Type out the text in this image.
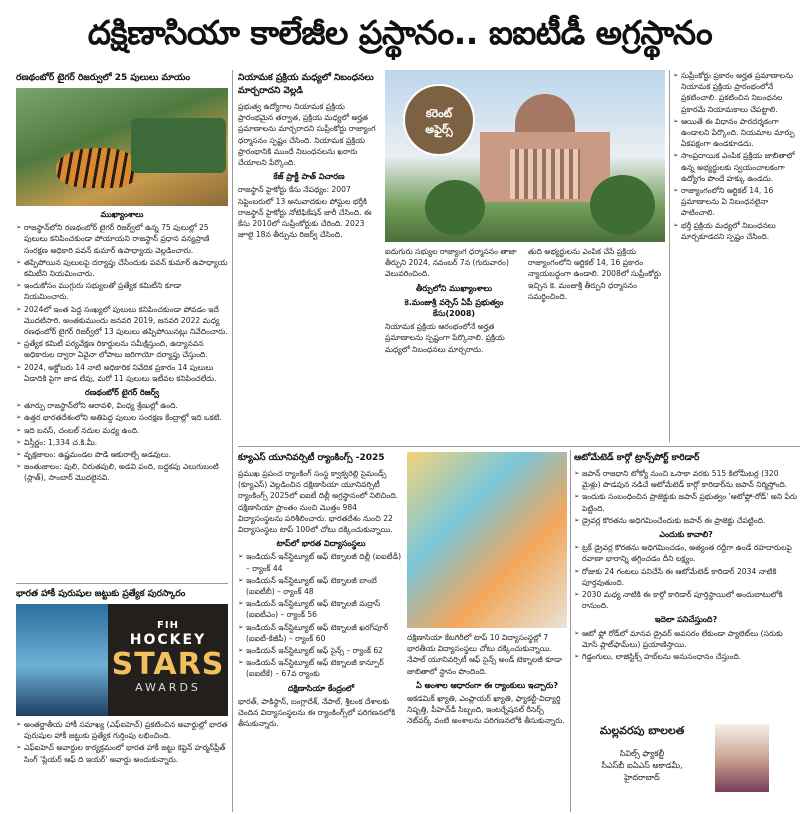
దక్షిణాసియా కాలేజీల ప్రస్థానం.. ఐఐటీడీ అగ్రస్థానం
రణథంబోర్ టైగర్ రిజర్వులో 25 పులులు మాయం
ముఖ్యాంశాలు
➢ రాజస్థాన్‌లోని రణథంబోర్ టైగర్ రిజర్వ్‌లో ఉన్న 75 పులుల్లో 25 పులులు కనిపించకుండా పోయాయని రాజస్థాన్ ప్రధాన వన్యప్రాణి సంరక్షణ అధికారి పవన్ కుమార్ ఉపాధ్యాయ వెల్లడించారు.
➢ తప్పిపోయిన పులులపై దర్యాప్తు చేసేందుకు పవన్ కుమార్ ఉపాధ్యాయ కమిటీని నియమించారు.
➢ ఇందుకోసం ముగ్గురు సభ్యులతో ప్రత్యేక కమిటీని కూడా నియమించారు.
➢ 2024లో ఇంత పెద్ద సంఖ్యలో పులులు కనిపించకుండా పోవడం ఇదే మొదటిసారి. అంతకుముందు జనవరి 2019, జనవరి 2022 మధ్య రణథంబోర్ టైగర్ రిజర్వ్‌లో 13 పులులు తప్పిపోయినట్లు నివేదించారు.
➢ ప్రత్యేక కమిటీ పర్యవేక్షణ రికార్డులను సమీక్షిస్తుంది, ఉద్యానవన అధికారుల ద్వారా ఏవైనా లోపాలు జరిగాయో దర్యాప్తు చేస్తుంది.
➢ 2024, అక్టోబరు 14 నాటి అధికారిక నివేదిక ప్రకారం 14 పులులు ఏడాదికి పైగా జాడ లేవు, మరో 11 పులులు ఇటీవల కనిపించలేదు.
రణథంబోర్ టైగర్ రిజర్వ్
➢ తూర్పు రాజస్థాన్‌లోని ఆరావళి, వింధ్య శ్రేణుల్లో ఉంది.
➢ ఉత్తర భారతదేశంలోని అతిపెద్ద పులుల సంరక్షణ కేంద్రాల్లో ఇది ఒకటి.
➢ ఇది బనస్, చంబల్ నదుల మధ్య ఉంది.
➢ విస్తీర్ణం: 1,334 చ.కి.మీ.
➢ వృక్షజాలం: ఉష్ణమండల పొడి ఆకురాల్చే అడవులు.
➢ జంతుజాలం: పులి, చిరుతపులి, అడవి పంది, బద్దకపు ఎలుగుబంటి (స్లాత్), సాంబార్ మొదలైనవి.
భారత హాకీ పురుషుల జట్టుకు ప్రత్యేక పురస్కారం
FIH
HOCKEY
STARS
AWARDS
➢ అంతర్జాతీయ హాకీ సమాఖ్య (ఎఫ్ఐహెచ్) ప్రకటించిన అవార్డుల్లో భారత పురుషుల హాకీ జట్టుకు ప్రత్యేక గుర్తింపు లభించింది.
➢ ఎఫ్ఐహెచ్ అవార్డుల కార్యక్రమంలో భారత హాకీ జట్టు కెప్టెన్ హర్మన్‌ప్రీత్ సింగ్ 'ప్లేయర్ ఆఫ్ ది ఇయర్' అవార్డు అందుకున్నారు.
నియామక ప్రక్రియ మధ్యలో నిబంధనలు మార్చరాదని వెల్లడి

ప్రభుత్వ ఉద్యోగాల నియామక ప్రక్రియ ప్రారంభమైన తర్వాత, ప్రక్రియ మధ్యలో అర్హత ప్రమాణాలను మార్చరాదని సుప్రీంకోర్టు రాజ్యాంగ ధర్మాసనం స్పష్టం చేసింది. నియామక ప్రక్రియ ప్రారంభానికి ముందే నిబంధనలను ఖరారు చేయాలని పేర్కొంది.

కేజ్ ప్రాక్టీ పాత్ విచారణ

రాజస్థాన్ హైకోర్టు కేసు నేపథ్యం: 2007 సెప్టెంబరులో 13 అనువాదకుల పోస్టుల భర్తీకి రాజస్థాన్ హైకోర్టు నోటిఫికేషన్ జారీ చేసింది. ఈ కేసు 2010లో సుప్రీంకోర్టుకు చేరింది. 2023 జూలై 18న తీర్పును రిజర్వ్ చేసింది.

కరెంట్
అఫైర్స్

ఐదుగురు సభ్యుల రాజ్యాంగ ధర్మాసనం తాజా తీర్పుని 2024, నవంబర్ 7న (గురువారం) వెలువరించింది.

తీర్పులోని ముఖ్యాంశాలు
కె.మంజుశ్రీ వర్సెస్ ఏపీ ప్రభుత్వం కేసు(2008)

నియామక ప్రక్రియ ఆరంభంలోనే అర్హత ప్రమాణాలను స్పష్టంగా పేర్కొనాలి. ప్రక్రియ మధ్యలో నిబంధనలు మార్చరాదు.

తుది అభ్యర్థులను ఎంపిక చేసే ప్రక్రియ రాజ్యాంగంలోని ఆర్టికల్ 14, 16 ప్రకారం న్యాయబద్ధంగా ఉండాలి. 2008లో సుప్రీంకోర్టు ఇచ్చిన కె. మంజుశ్రీ తీర్పుని ధర్మాసనం సమర్థించింది.

➢ సుప్రీంకోర్టు ప్రకారం అర్హత ప్రమాణాలను నియామక ప్రక్రియ ప్రారంభంలోనే ప్రకటించాలి. ప్రకటించిన నిబంధనల ప్రకారమే నియామకాలు చేపట్టాలి.
➢ ఆయితే ఈ విధానం పారదర్శకంగా ఉండాలని పేర్కొంది. నియమాల మార్పు ఏకపక్షంగా ఉండకూడదు.
➢ సాంప్రదాయిక ఎంపిక ప్రక్రియ జాబితాలో ఉన్న అభ్యర్థులకు స్వయంచాలకంగా ఉద్యోగం పొందే హక్కు ఉండదు.
➢ రాజ్యాంగంలోని ఆర్టికల్ 14, 16 ప్రమాణాలను ఏ నిబంధనలైనా పాటించాలి.
➢ భర్తీ ప్రక్రియ మధ్యలో నిబంధనలు మార్చకూడదని స్పష్టం చేసింది.
క్యూఎస్ యూనివర్సిటీ ర్యాంకింగ్స్ -2025

ప్రముఖ ప్రపంచ ర్యాంకింగ్ సంస్థ క్వాక్వరెల్లి సైమండ్స్ (క్యూఎస్) వెల్లడించిన దక్షిణాసియా యూనివర్సిటీ ర్యాంకింగ్స్ 2025లో ఐఐటీ దిల్లీ అగ్రస్థానంలో నిలిచింది. దక్షిణాసియా ప్రాంతం నుంచి మొత్తం 984 విద్యాసంస్థలను పరిశీలించారు. భారతదేశం నుంచి 22 విద్యాసంస్థలు టాప్ 100లో చోటు దక్కించుకున్నాయి.

టాప్‌లో భారత విద్యాసంస్థలు
➢ ఇండియన్ ఇన్‌స్టిట్యూట్ ఆఫ్ టెక్నాలజీ దిల్లీ (ఐఐటీడీ) – ర్యాంక్ 44
➢ ఇండియన్ ఇన్‌స్టిట్యూట్ ఆఫ్ టెక్నాలజీ బాంబే (ఐఐటీబీ) – ర్యాంక్ 48
➢ ఇండియన్ ఇన్‌స్టిట్యూట్ ఆఫ్ టెక్నాలజీ మద్రాస్ (ఐఐటీఎం) – ర్యాంక్ 56
➢ ఇండియన్ ఇన్‌స్టిట్యూట్ ఆఫ్ టెక్నాలజీ ఖరగ్‌పూర్ (ఐఐటీ-కేజీపీ) – ర్యాంక్ 60
➢ ఇండియన్ ఇన్‌స్టిట్యూట్ ఆఫ్ సైన్స్ – ర్యాంక్ 62
➢ ఇండియన్ ఇన్‌స్టిట్యూట్ ఆఫ్ టెక్నాలజీ కాన్పూర్ (ఐఐటీకే) – 67వ ర్యాంకు
దక్షిణాసియా కేంద్రంలో

భారత్, పాకిస్థాన్, బంగ్లాదేశ్, నేపాల్, శ్రీలంక దేశాలకు చెందిన విద్యాసంస్థలను ఈ ర్యాంకింగ్స్‌లో పరిగణనలోకి తీసుకున్నారు.

దక్షిణాసియా కేటగిరీలో టాప్ 10 విద్యాసంస్థల్లో 7 భారతీయ విద్యాసంస్థలు చోటు దక్కించుకున్నాయి. నేపాల్ యూనివర్సిటీ ఆఫ్ సైన్స్ అండ్ టెక్నాలజీ కూడా జాబితాలో స్థానం పొందింది.

ఏ అంశాల ఆధారంగా ఈ ర్యాంకులు ఇచ్చారు?

అకడమిక్ ఖ్యాతి, ఎంప్లాయర్ ఖ్యాతి, ఫ్యాకల్టీ-విద్యార్థి నిష్పత్తి, పీహెచ్‌డీ సిబ్బంది, ఇంటర్నేషనల్ రీసెర్చ్ నెట్‌వర్క్ వంటి అంశాలను పరిగణనలోకి తీసుకున్నారు.

ఆటోమేటెడ్ కార్గో ట్రాన్స్‌పోర్ట్ కారిడార్
➢ జపాన్ రాజధాని టోక్యో నుంచి ఒసాకా వరకు 515 కిలోమీటర్ల (320 మైళ్లు) పొడవున నడిచే ఆటోమేటెడ్ కార్గో కారిడార్‌ను జపాన్ నిర్మిస్తోంది.
➢ ఇందుకు సంబంధించిన ప్రాజెక్టుకు జపాన్ ప్రభుత్వం 'ఆటోఫ్లో-రోడ్' అని పేరు పెట్టింది.
➢ డ్రైవర్ల కొరతను అధిగమించేందుకు జపాన్ ఈ ప్రాజెక్టు చేపట్టింది.
ఎందుకు కావాలి?
➢ ట్రక్ డ్రైవర్ల కొరతను అధిగమించడం, అత్యంత రద్దీగా ఉండే రహదారులపై రవాణా భారాన్ని తగ్గించడం దీని లక్ష్యం.
➢ రోజుకు 24 గంటలు పనిచేసే ఈ ఆటోమేటెడ్ కారిడార్ 2034 నాటికి పూర్తవుతుంది.
➢ 2030 మధ్య నాటికి ఈ కార్గో కారిడార్ పూర్తిస్థాయిలో అందుబాటులోకి రానుంది.
ఇదెలా పనిచేస్తుంది?
➢ ఆటో ఫ్లో రోడ్‌లో మానవ డ్రైవర్ అవసరం లేకుండా ప్యాలెట్‌లు (సరుకు మోసే ప్లాట్‌ఫామ్‌లు) ప్రయాణిస్తాయి.
➢ గిడ్డంగులు, లాజిస్టిక్స్ హబ్‌లను అనుసంధానం చేస్తుంది.
మల్లవరపు బాలలత
సివిల్స్ ఫ్యాకల్టీ
సీఎస్‌బీ ఐఏఎస్ అకాడమీ,
హైదరాబాద్
